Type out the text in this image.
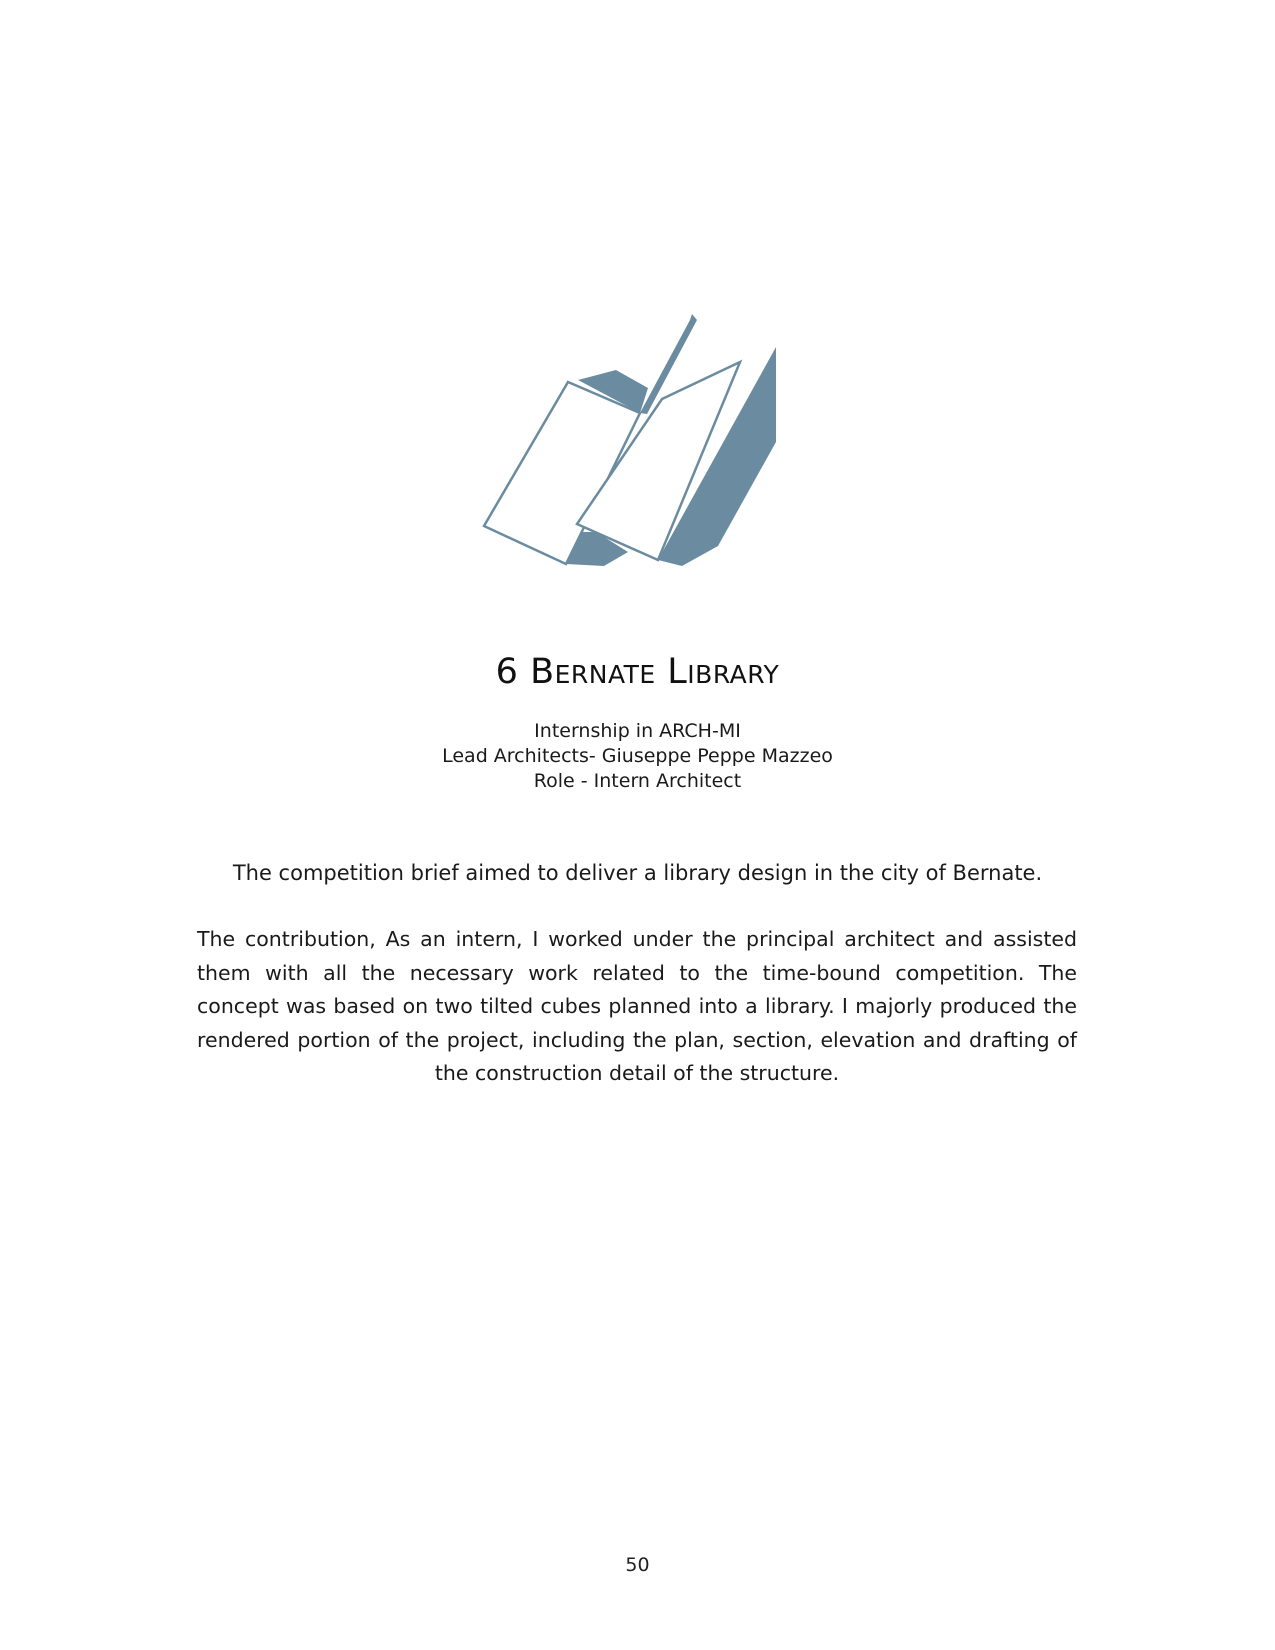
6 Bernate Library
Internship in ARCH-MI
Lead Architects- Giuseppe Peppe Mazzeo
Role - Intern Architect
The competition brief aimed to deliver a library design in the city of Bernate.
The contribution, As an intern, I worked under the principal architect and assisted them with all the necessary work related to the time-bound competition. The concept was based on two tilted cubes planned into a library. I majorly produced the rendered portion of the project, including the plan, section, elevation and drafting of the construction detail of the structure.
50
